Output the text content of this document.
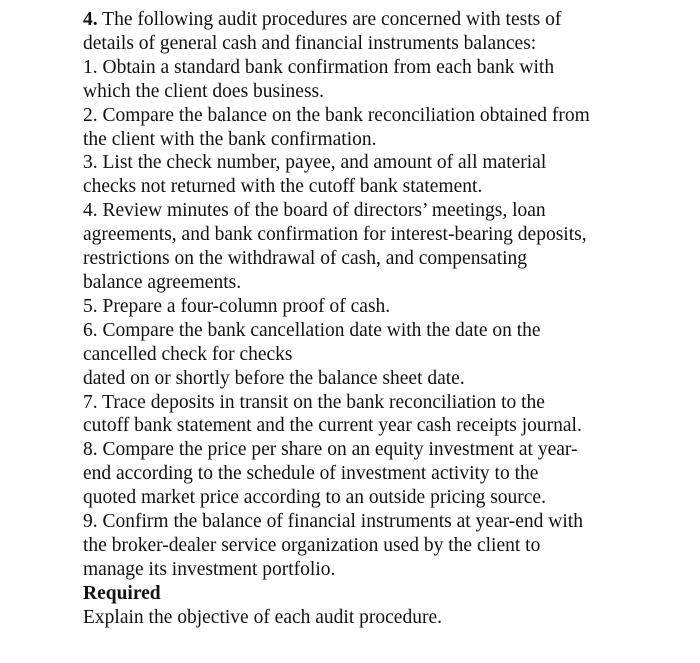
4. The following audit procedures are concerned with tests of
details of general cash and financial instruments balances:
1. Obtain a standard bank confirmation from each bank with
which the client does business.
2. Compare the balance on the bank reconciliation obtained from
the client with the bank confirmation.
3. List the check number, payee, and amount of all material
checks not returned with the cutoff bank statement.
4. Review minutes of the board of directors’ meetings, loan
agreements, and bank confirmation for interest-bearing deposits,
restrictions on the withdrawal of cash, and compensating
balance agreements.
5. Prepare a four-column proof of cash.
6. Compare the bank cancellation date with the date on the
cancelled check for checks
dated on or shortly before the balance sheet date.
7. Trace deposits in transit on the bank reconciliation to the
cutoff bank statement and the current year cash receipts journal.
8. Compare the price per share on an equity investment at year-
end according to the schedule of investment activity to the
quoted market price according to an outside pricing source.
9. Confirm the balance of financial instruments at year-end with
the broker-dealer service organization used by the client to
manage its investment portfolio.
Required
Explain the objective of each audit procedure.
